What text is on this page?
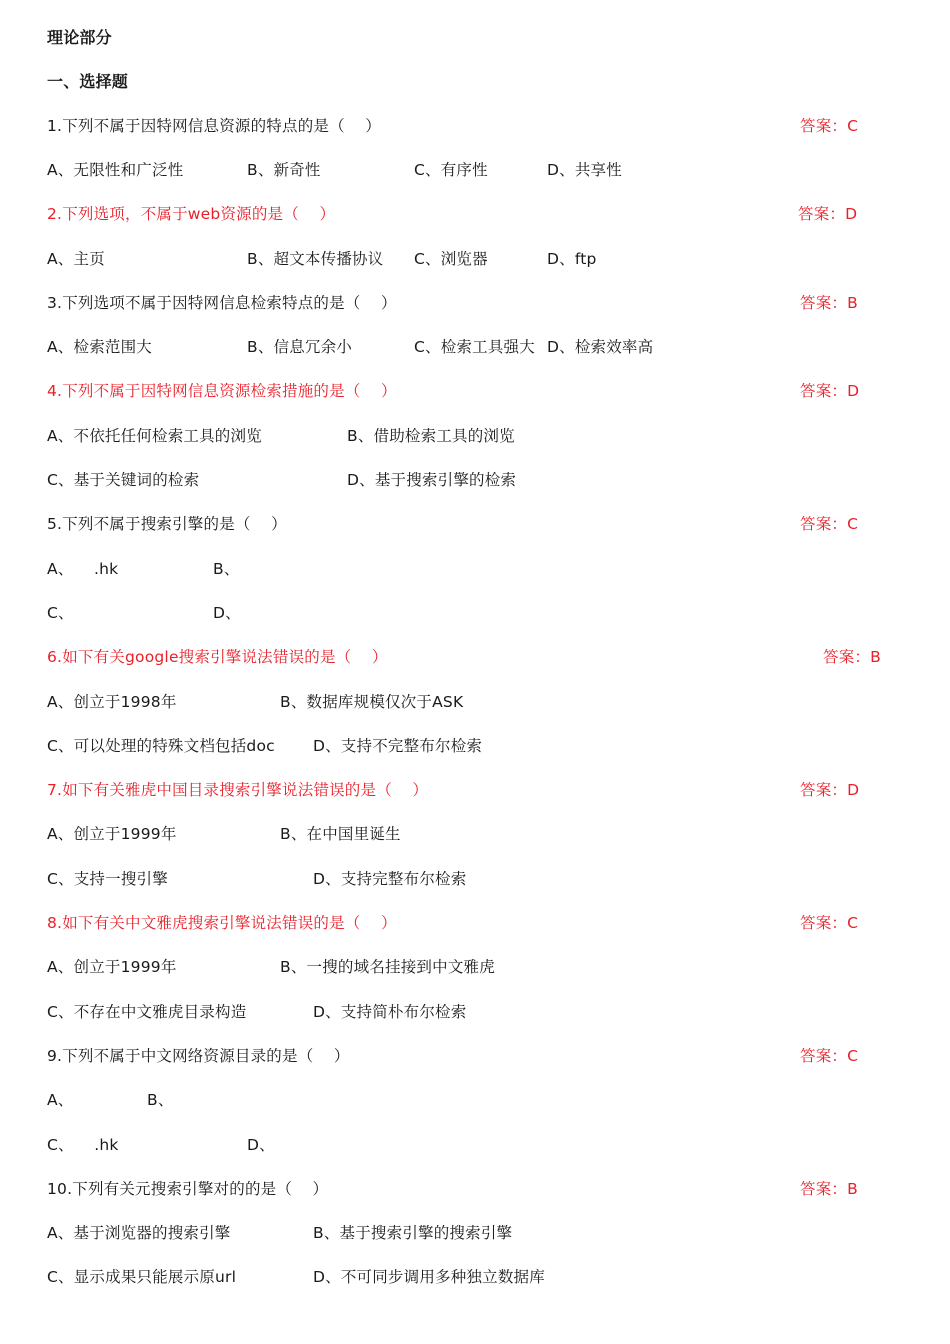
理论部分
一、选择题
1.下列不属于因特网信息资源的特点的是（    ）	答案：C
A、无限性和广泛性	B、新奇性	C、有序性	D、共享性
2.下列选项，不属于web资源的是（    ）	答案：D
A、主页	B、超文本传播协议 C、浏览器	D、ftp
3.下列选项不属于因特网信息检索特点的是（    ）	答案：B
A、检索范围大	B、信息冗余小	C、检索工具强大 D、检索效率高
4.下列不属于因特网信息资源检索措施的是（    ）	答案：D
A、不依托任何检索工具的浏览	B、借助检索工具的浏览
C、基于关键词的检索	D、基于搜索引擎的检索
5.下列不属于搜索引擎的是（    ）	答案：C
A、    .hk	B、
C、	D、
6.如下有关google搜索引擎说法错误的是（    ）	答案：B
A、创立于1998年	B、数据库规模仅次于ASK
C、可以处理的特殊文档包括doc D、支持不完整布尔检索
7.如下有关雅虎中国目录搜索引擎说法错误的是（    ）	答案：D
A、创立于1999年	B、在中国里诞生
C、支持一搜引擎	D、支持完整布尔检索
8.如下有关中文雅虎搜索引擎说法错误的是（    ）	答案：C
A、创立于1999年	B、一搜的域名挂接到中文雅虎
C、不存在中文雅虎目录构造	D、支持简朴布尔检索
9.下列不属于中文网络资源目录的是（    ）	答案：C
A、	B、
C、    .hk	D、
10.下列有关元搜索引擎对的的是（    ）	答案：B
A、基于浏览器的搜索引擎	B、基于搜索引擎的搜索引擎
C、显示成果只能展示原url	D、不可同步调用多种独立数据库
